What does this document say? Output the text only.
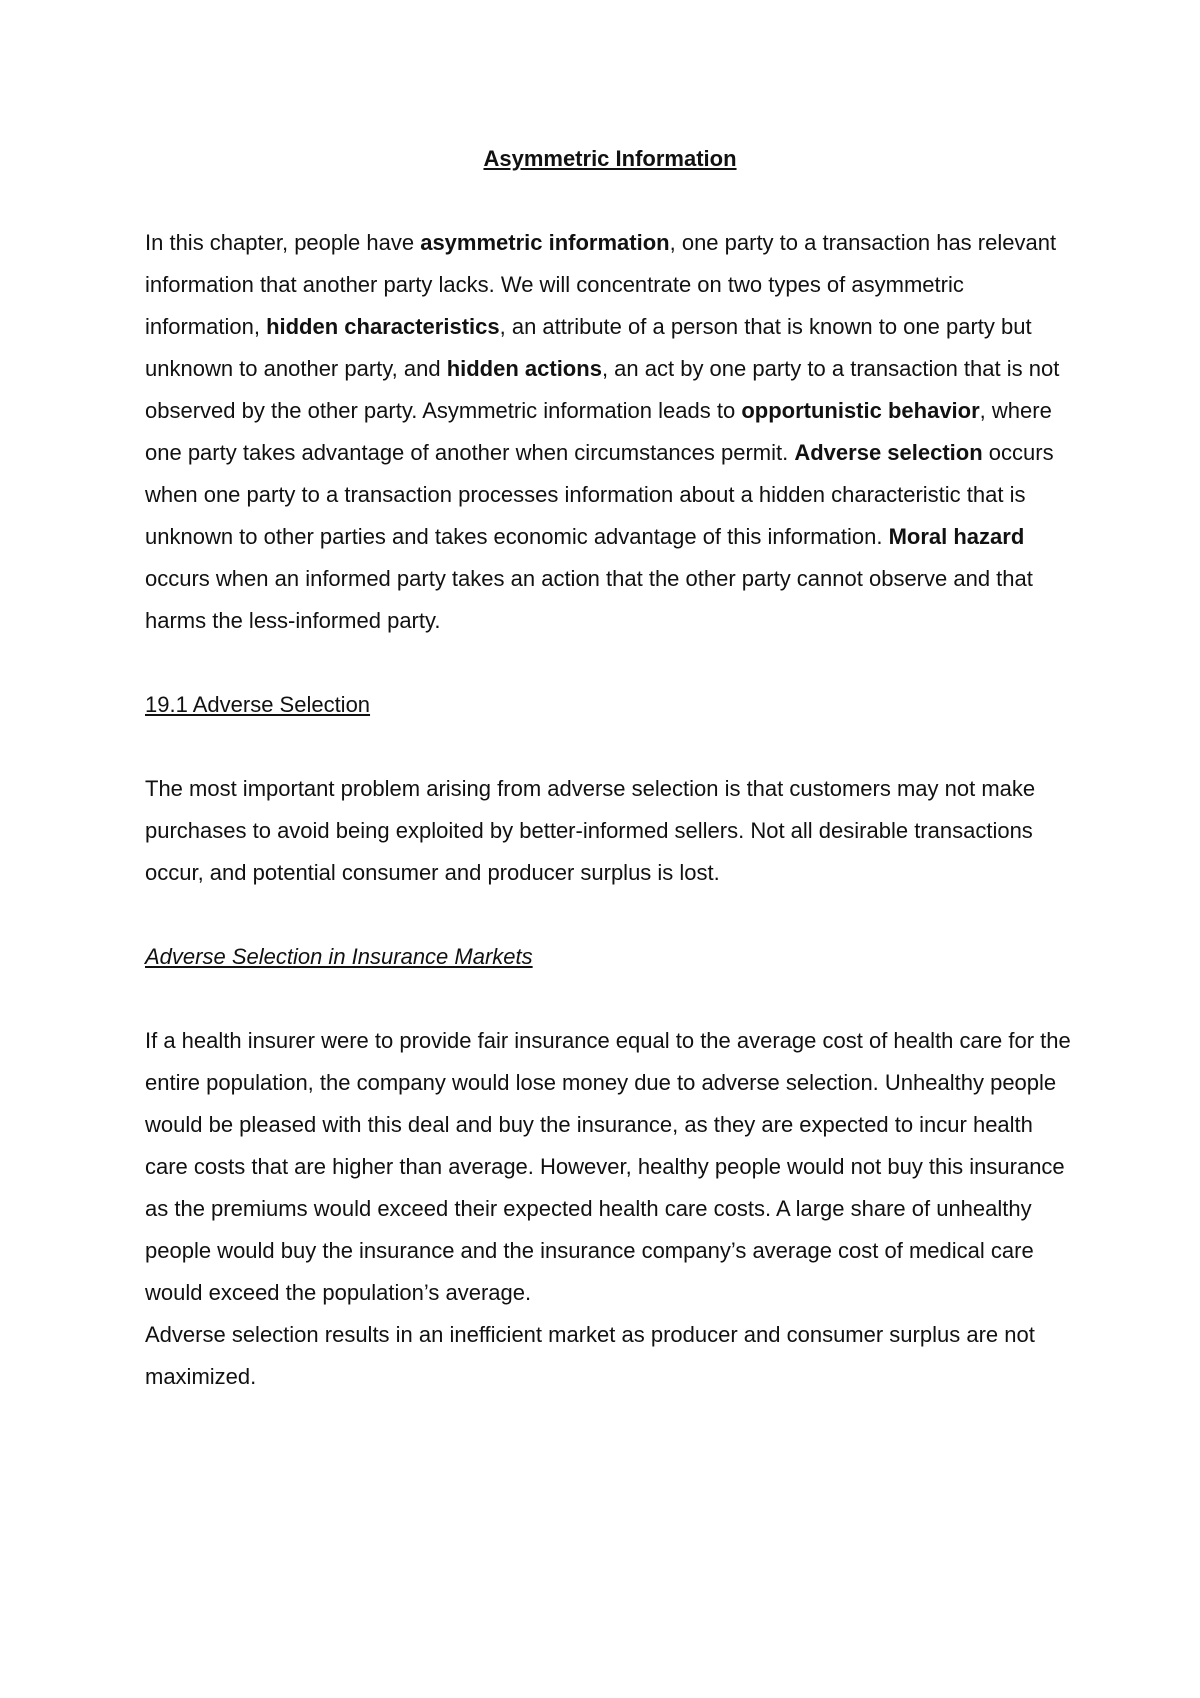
Asymmetric Information

In this chapter, people have asymmetric information, one party to a transaction has relevant information that another party lacks. We will concentrate on two types of asymmetric information, hidden characteristics, an attribute of a person that is known to one party but unknown to another party, and hidden actions, an act by one party to a transaction that is not observed by the other party. Asymmetric information leads to opportunistic behavior, where one party takes advantage of another when circumstances permit. Adverse selection occurs when one party to a transaction processes information about a hidden characteristic that is unknown to other parties and takes economic advantage of this information. Moral hazard occurs when an informed party takes an action that the other party cannot observe and that harms the less-informed party.

19.1 Adverse Selection

The most important problem arising from adverse selection is that customers may not make purchases to avoid being exploited by better-informed sellers. Not all desirable transactions occur, and potential consumer and producer surplus is lost.

Adverse Selection in Insurance Markets

If a health insurer were to provide fair insurance equal to the average cost of health care for the entire population, the company would lose money due to adverse selection. Unhealthy people would be pleased with this deal and buy the insurance, as they are expected to incur health care costs that are higher than average. However, healthy people would not buy this insurance as the premiums would exceed their expected health care costs. A large share of unhealthy people would buy the insurance and the insurance company’s average cost of medical care would exceed the population’s average.

Adverse selection results in an inefficient market as producer and consumer surplus are not maximized.
